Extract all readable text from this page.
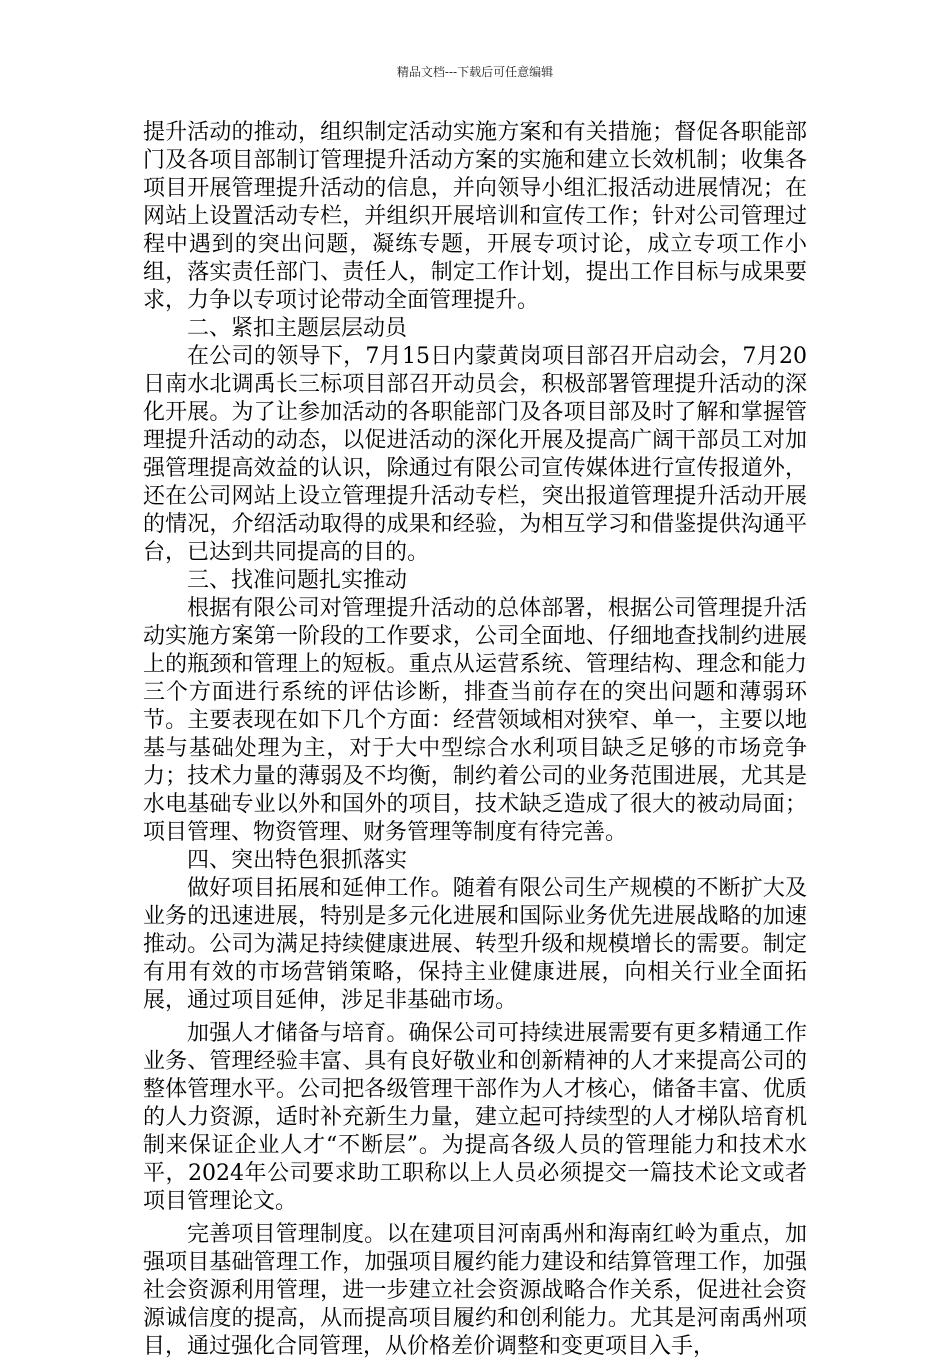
精品文档---下载后可任意编辑

提升活动的推动，组织制定活动实施方案和有关措施；督促各职能部门及各项目部制订管理提升活动方案的实施和建立长效机制；收集各项目开展管理提升活动的信息，并向领导小组汇报活动进展情况；在网站上设置活动专栏，并组织开展培训和宣传工作；针对公司管理过程中遇到的突出问题，凝练专题，开展专项讨论，成立专项工作小组，落实责任部门、责任人，制定工作计划，提出工作目标与成果要求，力争以专项讨论带动全面管理提升。

二、紧扣主题层层动员

在公司的领导下，7月15日内蒙黄岗项目部召开启动会，7月20日南水北调禹长三标项目部召开动员会，积极部署管理提升活动的深化开展。为了让参加活动的各职能部门及各项目部及时了解和掌握管理提升活动的动态，以促进活动的深化开展及提高广阔干部员工对加强管理提高效益的认识，除通过有限公司宣传媒体进行宣传报道外，还在公司网站上设立管理提升活动专栏，突出报道管理提升活动开展的情况，介绍活动取得的成果和经验，为相互学习和借鉴提供沟通平台，已达到共同提高的目的。

三、找准问题扎实推动

根据有限公司对管理提升活动的总体部署，根据公司管理提升活动实施方案第一阶段的工作要求，公司全面地、仔细地查找制约进展上的瓶颈和管理上的短板。重点从运营系统、管理结构、理念和能力三个方面进行系统的评估诊断，排查当前存在的突出问题和薄弱环节。主要表现在如下几个方面：经营领域相对狭窄、单一，主要以地基与基础处理为主，对于大中型综合水利项目缺乏足够的市场竞争力；技术力量的薄弱及不均衡，制约着公司的业务范围进展，尤其是水电基础专业以外和国外的项目，技术缺乏造成了很大的被动局面；项目管理、物资管理、财务管理等制度有待完善。

四、突出特色狠抓落实

做好项目拓展和延伸工作。随着有限公司生产规模的不断扩大及业务的迅速进展，特别是多元化进展和国际业务优先进展战略的加速推动。公司为满足持续健康进展、转型升级和规模增长的需要。制定有用有效的市场营销策略，保持主业健康进展，向相关行业全面拓展，通过项目延伸，涉足非基础市场。

加强人才储备与培育。确保公司可持续进展需要有更多精通工作业务、管理经验丰富、具有良好敬业和创新精神的人才来提高公司的整体管理水平。公司把各级管理干部作为人才核心，储备丰富、优质的人力资源，适时补充新生力量，建立起可持续型的人才梯队培育机制来保证企业人才“不断层”。为提高各级人员的管理能力和技术水平，2024年公司要求助工职称以上人员必须提交一篇技术论文或者项目管理论文。

完善项目管理制度。以在建项目河南禹州和海南红岭为重点，加强项目基础管理工作，加强项目履约能力建设和结算管理工作，加强社会资源利用管理，进一步建立社会资源战略合作关系，促进社会资源诚信度的提高，从而提高项目履约和创利能力。尤其是河南禹州项目，通过强化合同管理，从价格差价调整和变更项目入手，
